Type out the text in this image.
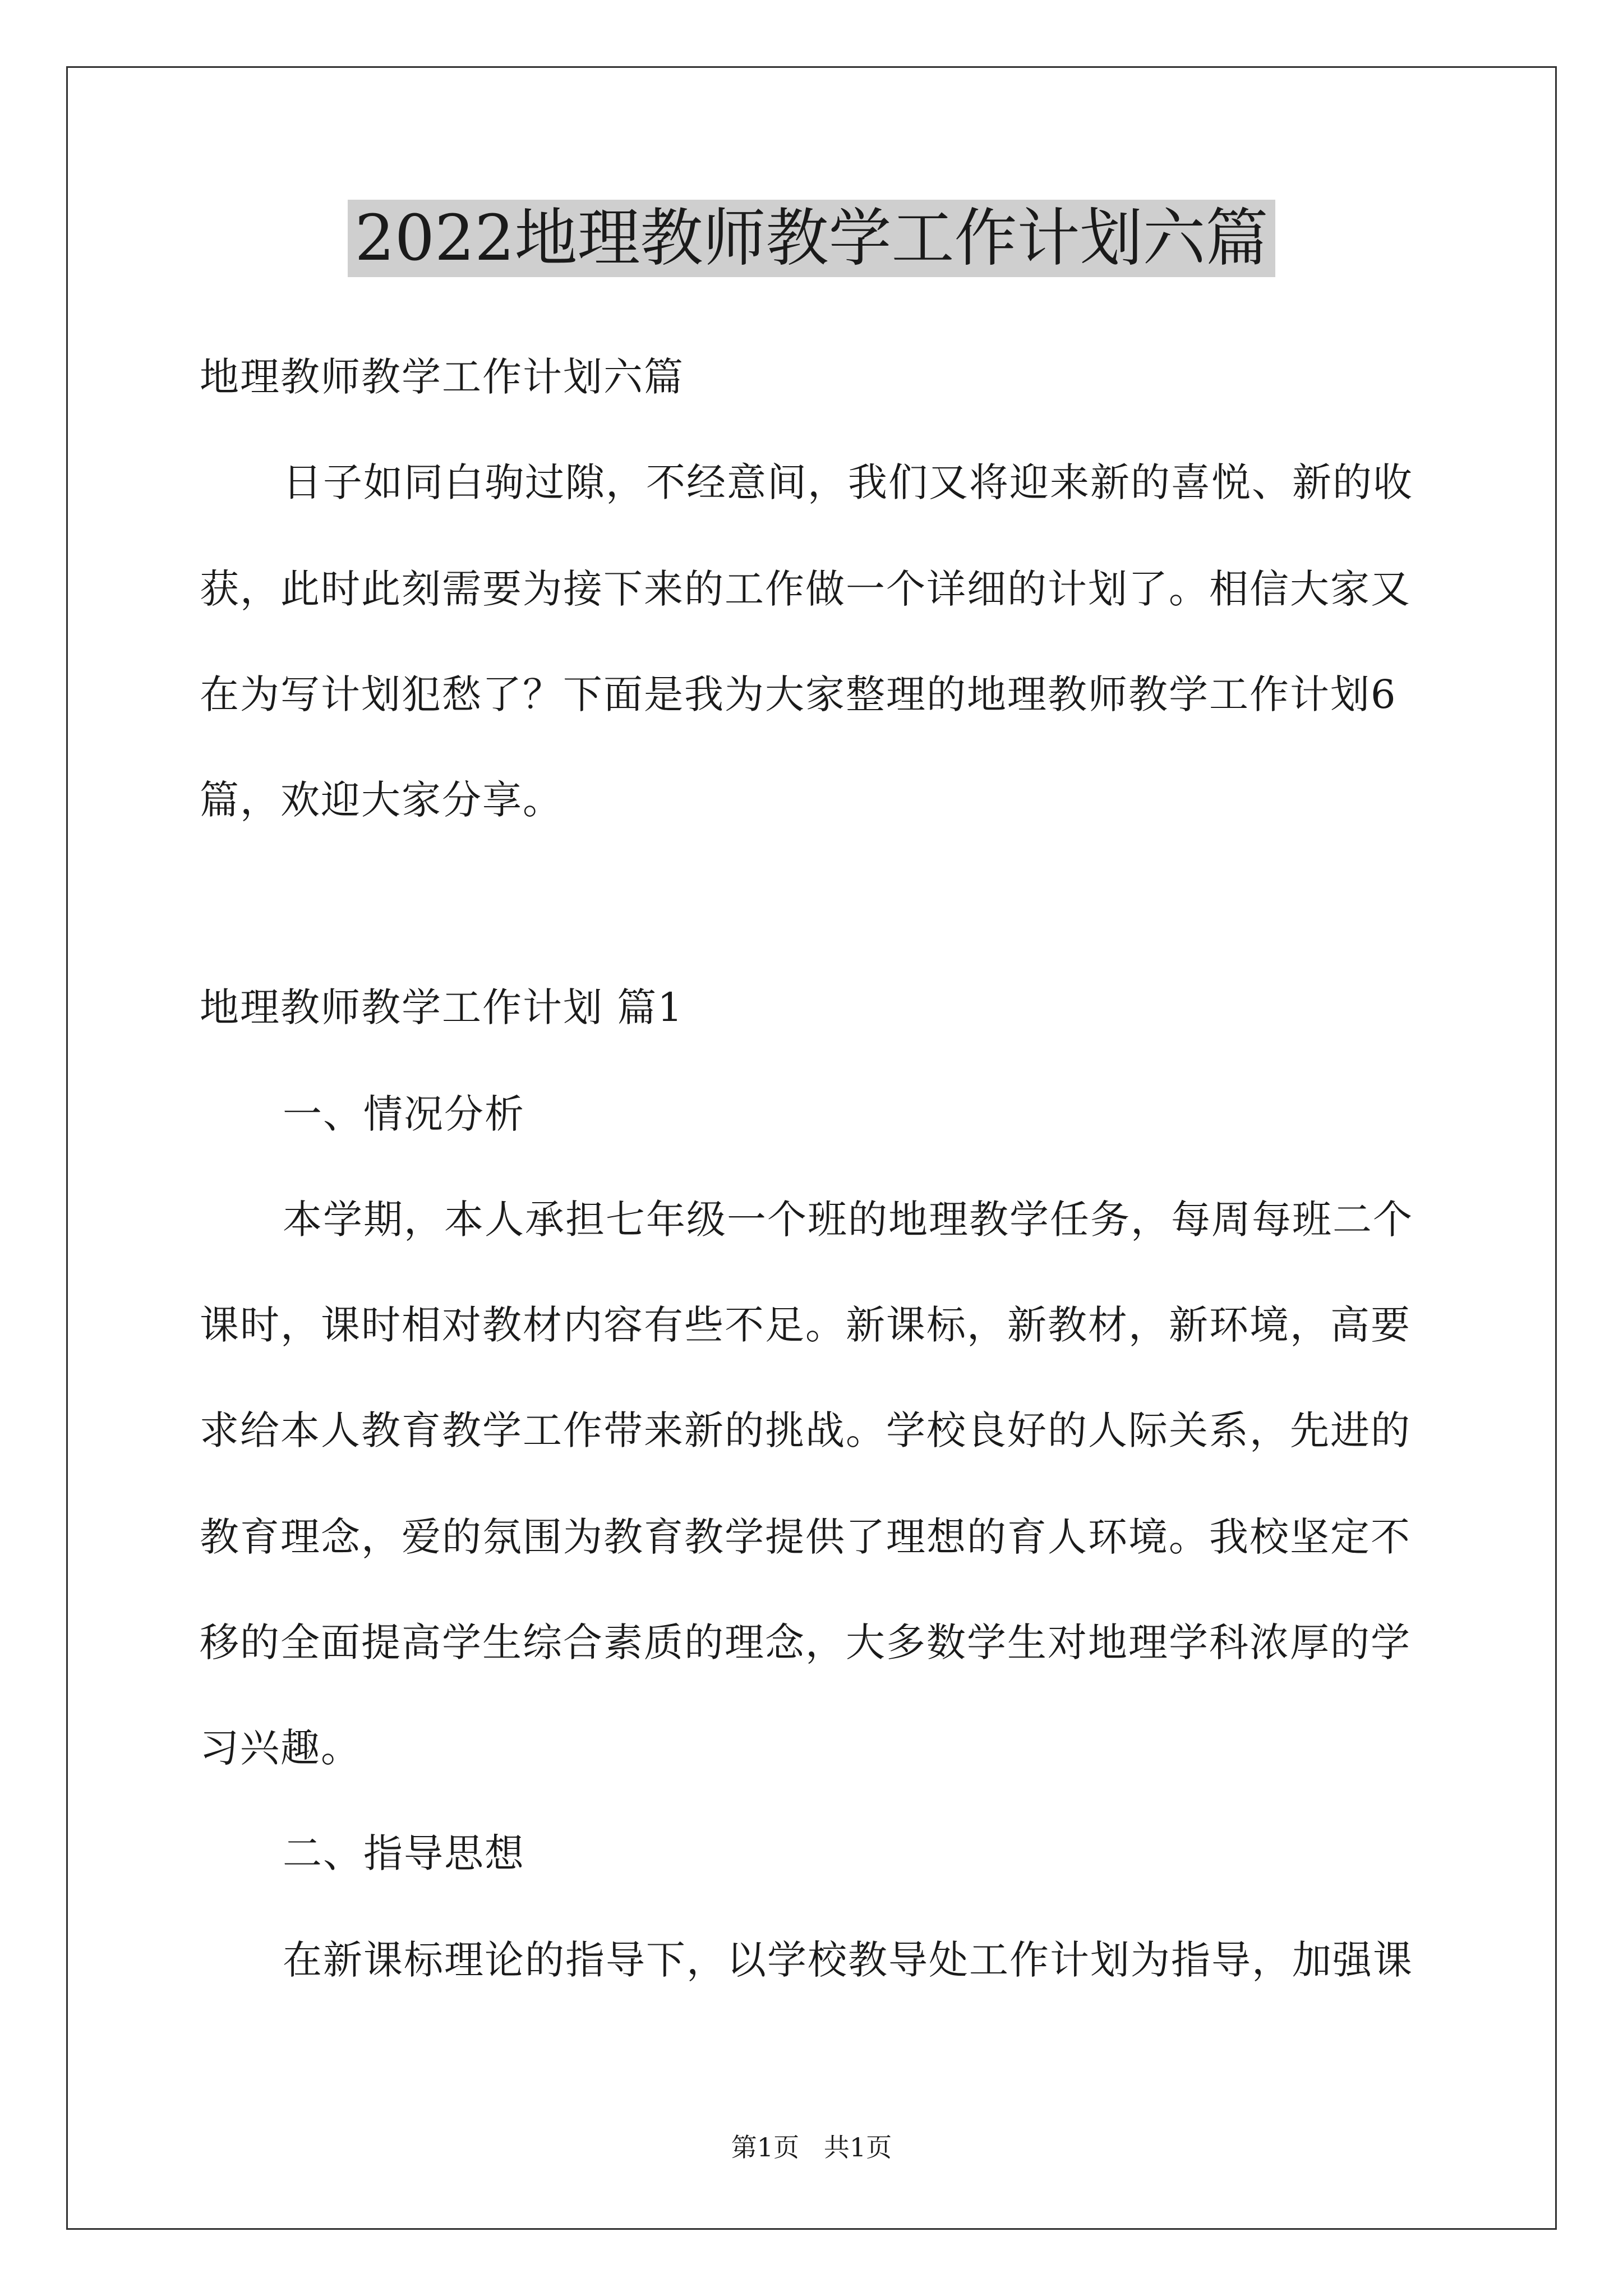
2022地理教师教学工作计划六篇
地理教师教学工作计划六篇
日子如同白驹过隙，不经意间，我们又将迎来新的喜悦、新的收
获，此时此刻需要为接下来的工作做一个详细的计划了。相信大家又
在为写计划犯愁了？下面是我为大家整理的地理教师教学工作计划6
篇，欢迎大家分享。
地理教师教学工作计划 篇1
一、情况分析
本学期，本人承担七年级一个班的地理教学任务，每周每班二个
课时，课时相对教材内容有些不足。新课标，新教材，新环境，高要
求给本人教育教学工作带来新的挑战。学校良好的人际关系，先进的
教育理念，爱的氛围为教育教学提供了理想的育人环境。我校坚定不
移的全面提高学生综合素质的理念，大多数学生对地理学科浓厚的学
习兴趣。
二、指导思想
在新课标理论的指导下，以学校教导处工作计划为指导，加强课
第1页   共1页
